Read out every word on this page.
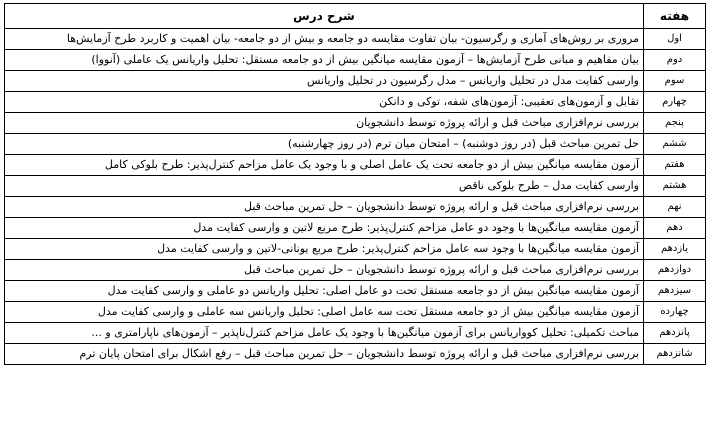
هفته	شرح درس
اول	مروری بر روش‌های آماری و رگرسیون- بیان تفاوت مقایسه دو جامعه و بیش از دو جامعه- بیان اهمیت و کاربرد طرح آزمایش‌ها
دوم	بیان مفاهیم و مبانی طرح آزمایش‌ها – آزمون مقایسه میانگین بیش از دو جامعه مستقل: تحلیل واریانس یک عاملی (آنووا)
سوم	وارسی کفایت مدل در تحلیل واریانس – مدل رگرسیون در تحلیل واریانس
چهارم	تقابل و آزمون‌های تعقیبی: آزمون‌های شفه، توکی و دانکن
پنجم	بررسی نرم‌افزاری مباحث قبل و ارائه پروژه توسط دانشجویان
ششم	حل تمرین مباحث قبل (در روز دوشنبه) – امتحان میان ترم (در روز چهارشنبه)
هفتم	آزمون مقایسه میانگین بیش از دو جامعه تحت یک عامل اصلی و با وجود یک عامل مزاحم کنترل‌پذیر: طرح بلوکی کامل
هشتم	وارسی کفایت مدل – طرح بلوکی ناقص
نهم	بررسی نرم‌افزاری مباحث قبل و ارائه پروژه توسط دانشجویان – حل تمرین مباحث قبل
دهم	آزمون مقایسه میانگین‌ها با وجود دو عامل مزاحم کنترل‌پذیر: طرح مربع لاتین و وارسی کفایت مدل
یازدهم	آزمون مقایسه میانگین‌ها با وجود سه عامل مزاحم کنترل‌پذیر: طرح مربع یونانی-لاتین و وارسی کفایت مدل
دوازدهم	بررسی نرم‌افزاری مباحث قبل و ارائه پروژه توسط دانشجویان – حل تمرین مباحث قبل
سیزدهم	آزمون مقایسه میانگین بیش از دو جامعه مستقل تحت دو عامل اصلی: تحلیل واریانس دو عاملی و وارسی کفایت مدل
چهارده	آزمون مقایسه میانگین بیش از دو جامعه مستقل تحت سه عامل اصلی: تحلیل واریانس سه عاملی و وارسی کفایت مدل
پانزدهم	مباحث تکمیلی: تحلیل کوواریانس برای آزمون میانگین‌ها با وجود یک عامل مزاحم کنترل‌ناپذیر – آزمون‌های ناپارامتری و ...
شانزدهم	بررسی نرم‌افزاری مباحث قبل و ارائه پروژه توسط دانشجویان – حل تمرین مباحث قبل – رفع اشکال برای امتحان پایان ترم
